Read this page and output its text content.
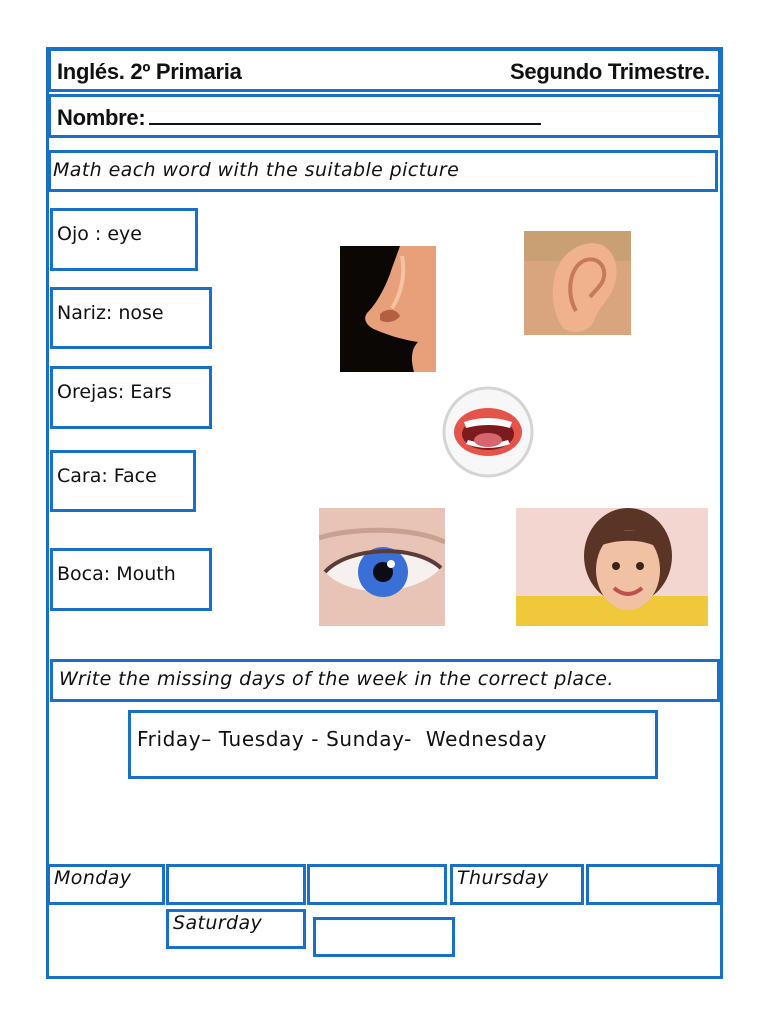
Inglés. 2º Primaria	Segundo Trimestre.
Nombre:
Math each word with the suitable picture
Ojo : eye
Nariz: nose
Orejas: Ears
Cara: Face
Boca: Mouth
Write the missing days of the week in the correct place.
Friday– Tuesday - Sunday-  Wednesday
Monday	Thursday
Saturday
